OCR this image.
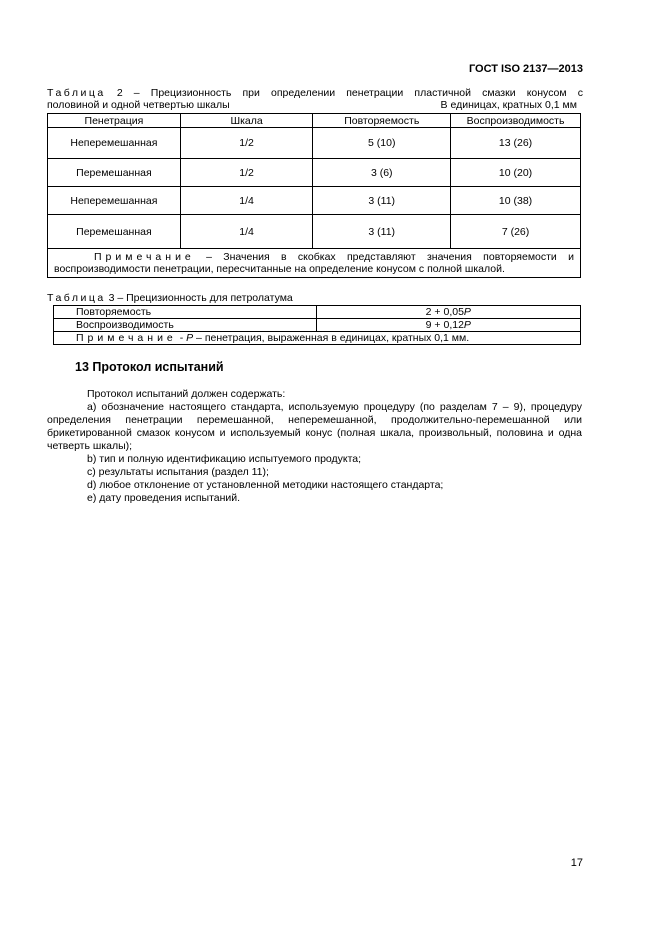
ГОСТ ISO 2137—2013
Таблица 2 – Прецизионность при определении пенетрации пластичной смазки конусом с
половиной и одной четвертью шкалы	В единицах, кратных 0,1 мм
Пенетрация	Шкала	Повторяемость	Воспроизводимость
Неперемешанная	1/2	5 (10)	13 (26)
Перемешанная	1/2	3 (6)	10 (20)
Неперемешанная	1/4	3 (11)	10 (38)
Перемешанная	1/4	3 (11)	7 (26)
Примечание – Значения в скобках представляют значения повторяемости и воспроизводимости пенетрации, пересчитанные на определение конусом с полной шкалой.			
Таблица 3 – Прецизионность для петролатума
Повторяемость	2 + 0,05P
Воспроизводимость	9 + 0,12P
Примечание - P – пенетрация, выраженная в единицах, кратных 0,1 мм.	
13 Протокол испытаний
Протокол испытаний должен содержать:
а) обозначение настоящего стандарта, используемую процедуру (по разделам 7 – 9), процедуру определения пенетрации перемешанной, неперемешанной, продолжительно-перемешанной или брикетированной смазок конусом и используемый конус (полная шкала, произвольный, половина и одна четверть шкалы);
b) тип и полную идентификацию испытуемого продукта;
c) результаты испытания (раздел 11);
d) любое отклонение от установленной методики настоящего стандарта;
e) дату проведения испытаний.
17
